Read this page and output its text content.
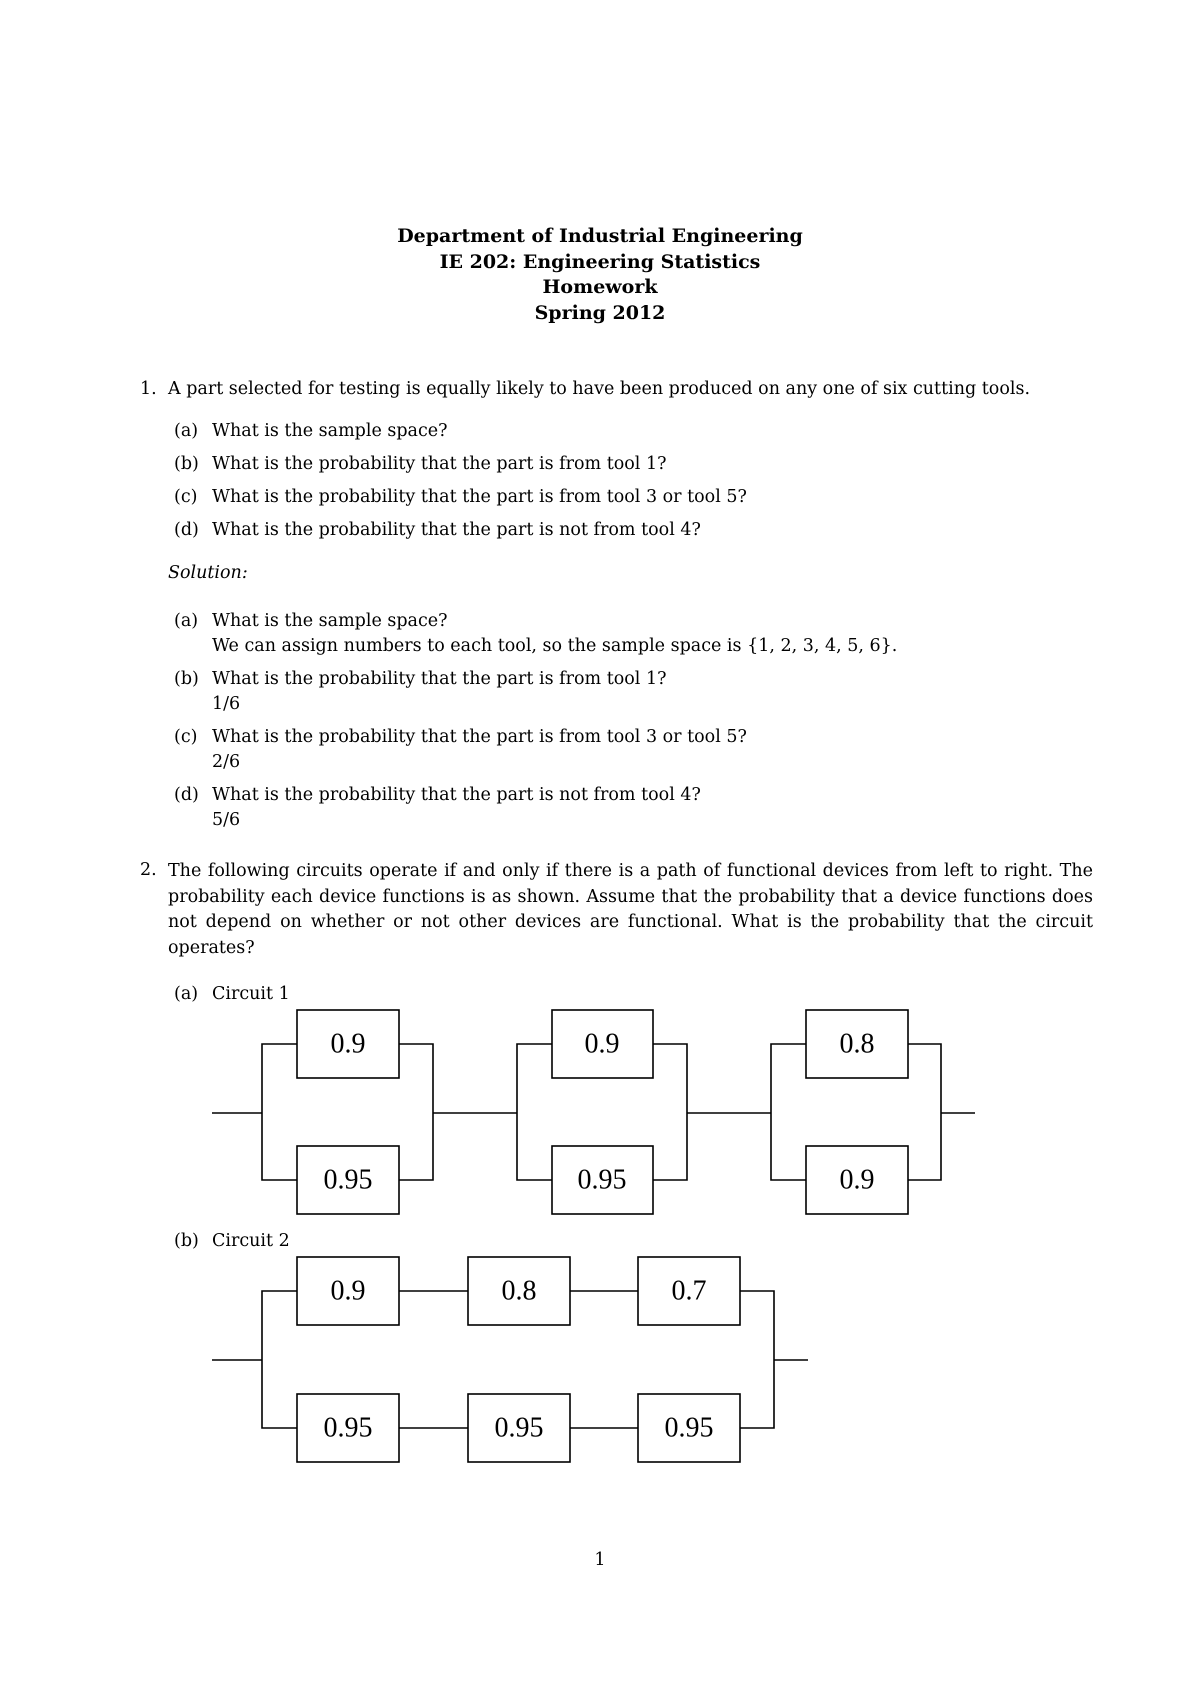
Department of Industrial Engineering
IE 202: Engineering Statistics
Homework
Spring 2012
1. A part selected for testing is equally likely to have been produced on any one of six cutting tools.
(a) What is the sample space?
(b) What is the probability that the part is from tool 1?
(c) What is the probability that the part is from tool 3 or tool 5?
(d) What is the probability that the part is not from tool 4?
Solution:
(a) What is the sample space?
We can assign numbers to each tool, so the sample space is {1, 2, 3, 4, 5, 6}.
(b) What is the probability that the part is from tool 1?
1/6
(c) What is the probability that the part is from tool 3 or tool 5?
2/6
(d) What is the probability that the part is not from tool 4?
5/6
2. The following circuits operate if and only if there is a path of functional devices from left to right. The probability each device functions is as shown. Assume that the probability that a device functions does not depend on whether or not other devices are functional. What is the probability that the circuit operates?
(a) Circuit 1
0.9
0.95
0.9
0.95
0.8
0.9
(b) Circuit 2
0.9	0.8	0.7
0.95	0.95	0.95
1
